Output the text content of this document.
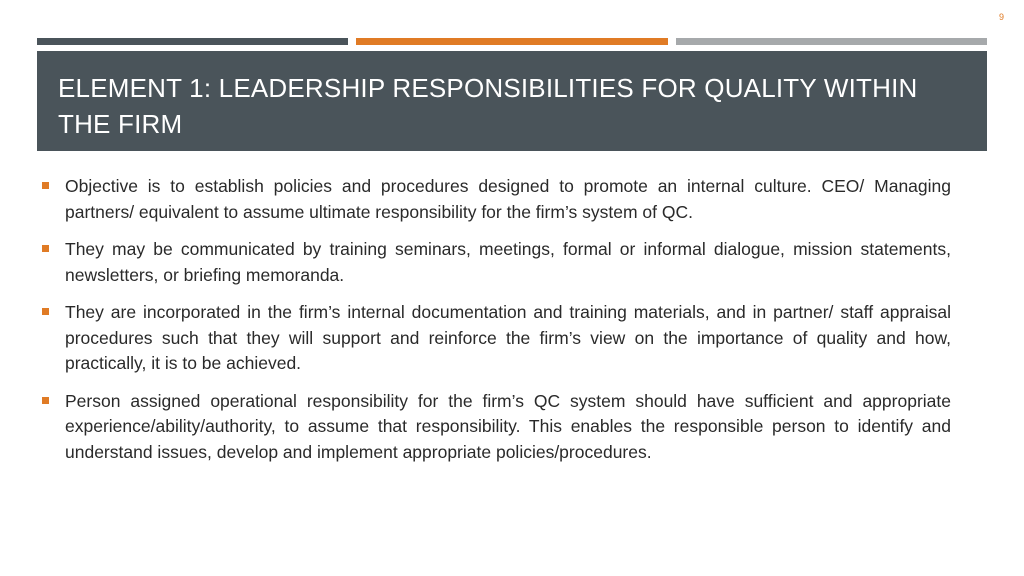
9
ELEMENT 1: LEADERSHIP RESPONSIBILITIES FOR QUALITY WITHIN THE FIRM
Objective is to establish policies and procedures designed to promote an internal culture. CEO/ Managing partners/ equivalent to assume ultimate responsibility for the firm’s system of QC.
They may be communicated by training seminars, meetings, formal or informal dialogue, mission statements, newsletters, or briefing memoranda.
They are incorporated in the firm’s internal documentation and training materials, and in partner/ staff appraisal procedures such that they will support and reinforce the firm’s view on the importance of quality and how, practically, it is to be achieved.
Person assigned operational responsibility for the firm’s QC system should have sufficient and appropriate experience/ability/authority, to assume that responsibility. This enables the responsible person to identify and understand issues, develop and implement appropriate policies/procedures.
